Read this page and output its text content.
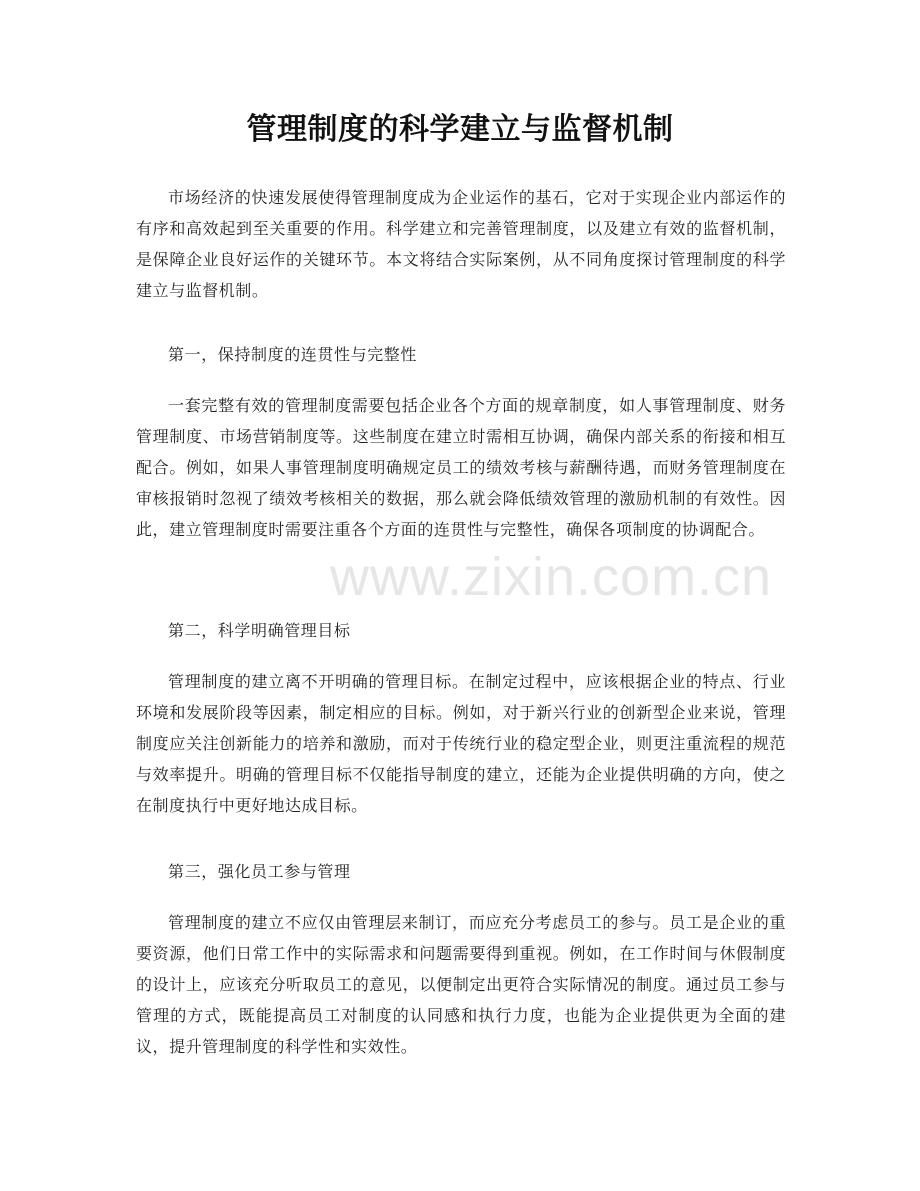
管理制度的科学建立与监督机制

市场经济的快速发展使得管理制度成为企业运作的基石，它对于实现企业内部运作的有序和高效起到至关重要的作用。科学建立和完善管理制度，以及建立有效的监督机制，是保障企业良好运作的关键环节。本文将结合实际案例，从不同角度探讨管理制度的科学建立与监督机制。

第一，保持制度的连贯性与完整性

一套完整有效的管理制度需要包括企业各个方面的规章制度，如人事管理制度、财务管理制度、市场营销制度等。这些制度在建立时需相互协调，确保内部关系的衔接和相互配合。例如，如果人事管理制度明确规定员工的绩效考核与薪酬待遇，而财务管理制度在审核报销时忽视了绩效考核相关的数据，那么就会降低绩效管理的激励机制的有效性。因此，建立管理制度时需要注重各个方面的连贯性与完整性，确保各项制度的协调配合。

第二，科学明确管理目标

管理制度的建立离不开明确的管理目标。在制定过程中，应该根据企业的特点、行业环境和发展阶段等因素，制定相应的目标。例如，对于新兴行业的创新型企业来说，管理制度应关注创新能力的培养和激励，而对于传统行业的稳定型企业，则更注重流程的规范与效率提升。明确的管理目标不仅能指导制度的建立，还能为企业提供明确的方向，使之在制度执行中更好地达成目标。

第三，强化员工参与管理

管理制度的建立不应仅由管理层来制订，而应充分考虑员工的参与。员工是企业的重要资源，他们日常工作中的实际需求和问题需要得到重视。例如，在工作时间与休假制度的设计上，应该充分听取员工的意见，以便制定出更符合实际情况的制度。通过员工参与管理的方式，既能提高员工对制度的认同感和执行力度，也能为企业提供更为全面的建议，提升管理制度的科学性和实效性。

www.zixin.com.cn
